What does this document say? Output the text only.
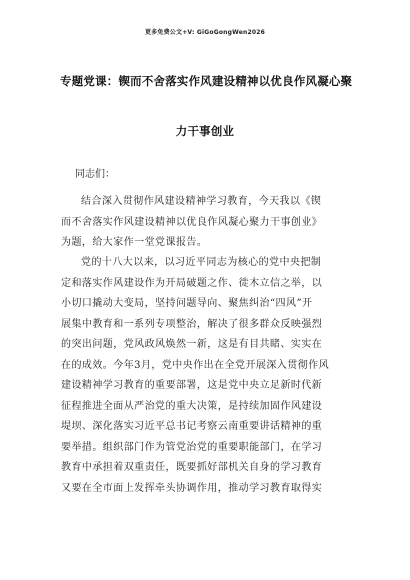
更多免费公文+V: GiGoGongWen2026
专题党课：锲而不舍落实作风建设精神以优良作风凝心聚
力干事创业
同志们：
结合深入贯彻作风建设精神学习教育，今天我以《锲
而不舍落实作风建设精神以优良作风凝心聚力干事创业》
为题，给大家作一堂党课报告。
党的十八大以来，以习近平同志为核心的党中央把制
定和落实作风建设作为开局破题之作、徙木立信之举，以
小切口撬动大变局，坚持问题导向、聚焦纠治“四风”开
展集中教育和一系列专项整治，解决了很多群众反映强烈
的突出问题，党风政风焕然一新，这是有目共睹、实实在
在的成效。今年3月，党中央作出在全党开展深入贯彻作风
建设精神学习教育的重要部署，这是党中央立足新时代新
征程推进全面从严治党的重大决策，是持续加固作风建设
堤坝、深化落实习近平总书记考察云南重要讲话精神的重
要举措。组织部门作为管党治党的重要职能部门，在学习
教育中承担着双重责任，既要抓好部机关自身的学习教育
又要在全市面上发挥牵头协调作用，推动学习教育取得实
